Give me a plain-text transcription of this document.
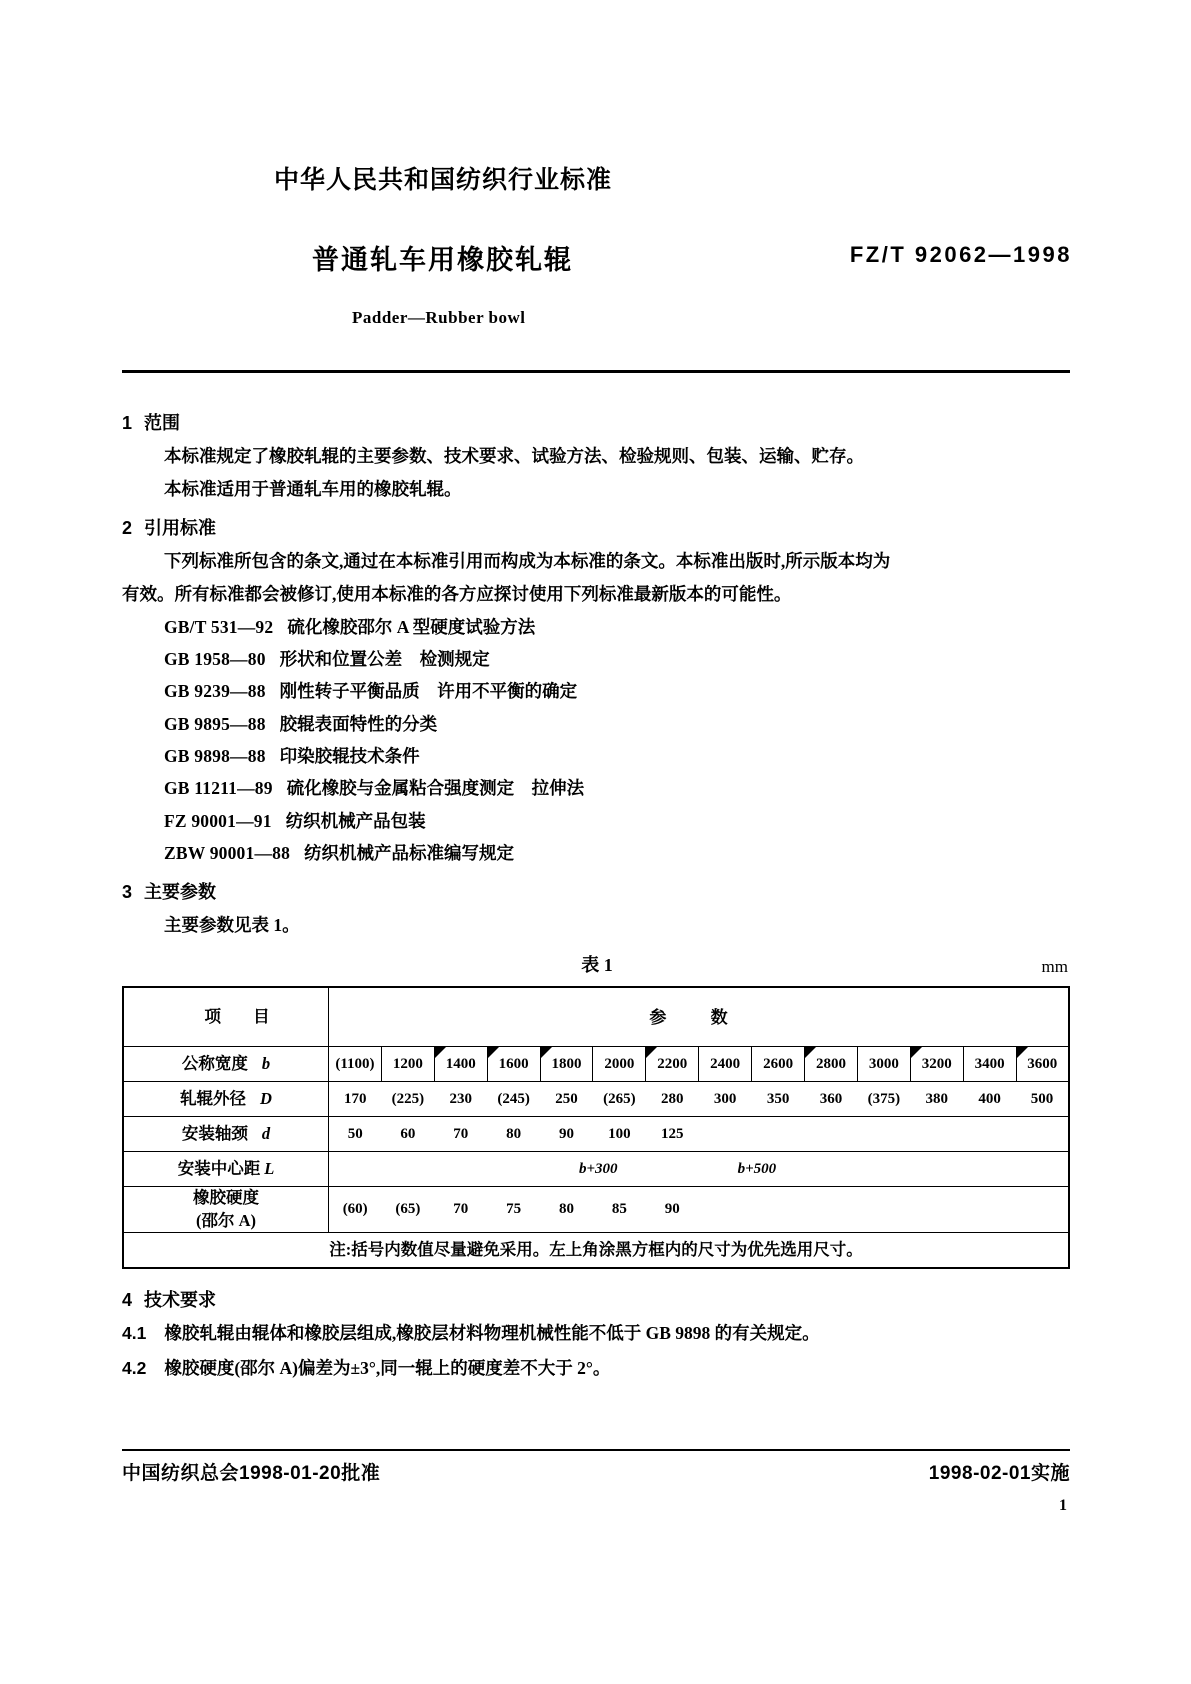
中华人民共和国纺织行业标准
普通轧车用橡胶轧辊	FZ/T 92062—1998
Padder—Rubber bowl
1 范围

本标准规定了橡胶轧辊的主要参数、技术要求、试验方法、检验规则、包装、运输、贮存。

本标准适用于普通轧车用的橡胶轧辊。

2 引用标准

下列标准所包含的条文,通过在本标准引用而构成为本标准的条文。本标准出版时,所示版本均为

有效。所有标准都会被修订,使用本标准的各方应探讨使用下列标准最新版本的可能性。

GB/T 531—92 硫化橡胶邵尔 A 型硬度试验方法
GB 1958—80 形状和位置公差　检测规定
GB 9239—88 刚性转子平衡品质　许用不平衡的确定
GB 9895—88 胶辊表面特性的分类
GB 9898—88 印染胶辊技术条件
GB 11211—89 硫化橡胶与金属粘合强度测定　拉伸法
FZ 90001—91 纺织机械产品包装
ZBW 90001—88 纺织机械产品标准编写规定
3 主要参数

主要参数见表 1。

表 1	mm
项 目	参 数													
公称宽度 b	(1100)	1200	1400	1600	1800	2000	2200	2400	2600	2800	3000	3200	3400	3600
轧辊外径 D	170	(225)	230	(245)	250	(265)	280	300	350	360	(375)	380	400	500
安装轴颈 d	50	60	70	80	90	100	125							
安装中心距 L	b+300 b+500													

橡胶硬度
(邵尔 A)	(60)	(65)	70	75	80	85	90							
注:括号内数值尽量避免采用。左上角涂黑方框内的尺寸为优先选用尺寸。														
4 技术要求

4.1 橡胶轧辊由辊体和橡胶层组成,橡胶层材料物理机械性能不低于 GB 9898 的有关规定。

4.2 橡胶硬度(邵尔 A)偏差为±3°,同一辊上的硬度差不大于 2°。

中国纺织总会1998-01-20批准	1998-02-01实施
1
